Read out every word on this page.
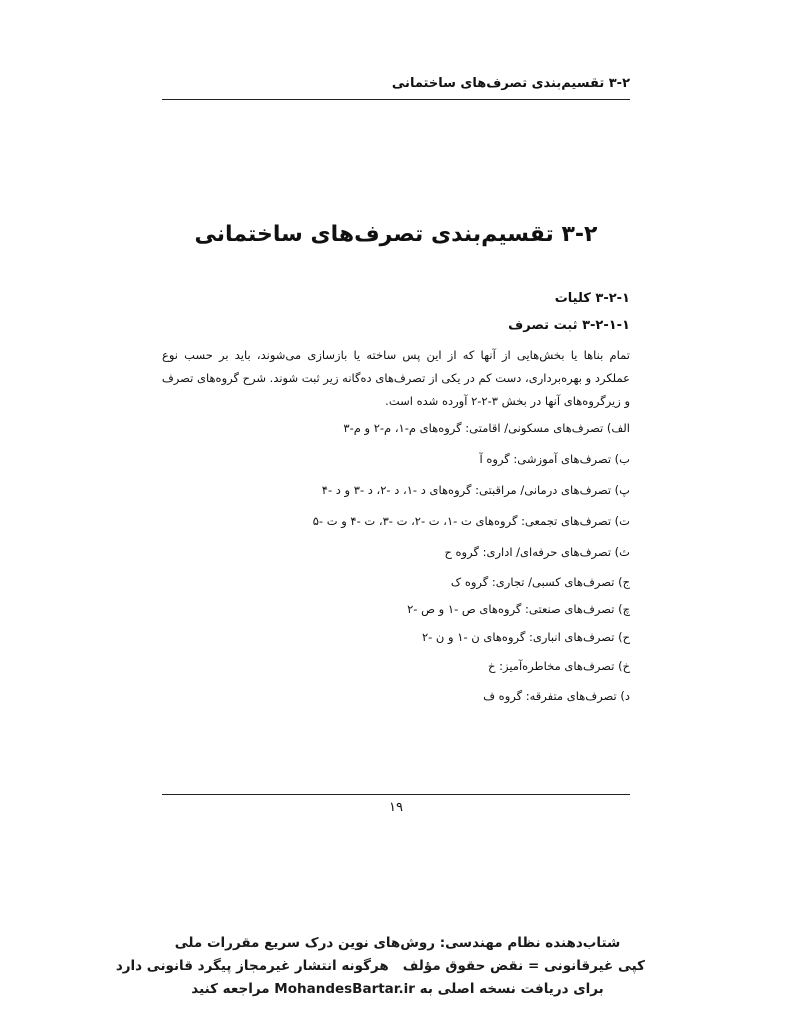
۳-۲ تقسیم‌بندی تصرف‌های ساختمانی
۳-۲ تقسیم‌بندی تصرف‌های ساختمانی
۳-۲-۱ کلیات
۳-۲-۱-۱ ثبت تصرف
تمام بناها یا بخش‌هایی از آنها که از این پس ساخته یا بازسازی می‌شوند، باید بر حسب نوع
عملکرد و بهره‌برداری، دست کم در یکی از تصرف‌های ده‌گانه زیر ثبت شوند. شرح گروه‌های تصرف
و زیرگروه‌های آنها در بخش ۳-۲-۲ آورده شده است.
الف) تصرف‌های مسکونی/ اقامتی: گروه‌های م-۱، م-۲ و م-۳
ب) تصرف‌های آموزشی: گروه آ
پ) تصرف‌های درمانی/ مراقبتی: گروه‌های د -۱، د -۲، د -۳ و د -۴
ت) تصرف‌های تجمعی: گروه‌های ت -۱، ت -۲، ت -۳، ت -۴ و ت -۵
ث) تصرف‌های حرفه‌ای/ اداری: گروه ح
ج) تصرف‌های کسبی/ تجاری: گروه ک
چ) تصرف‌های صنعتی: گروه‌های ص -۱ و ص -۲
ح) تصرف‌های انباری: گروه‌های ن -۱ و ن -۲
خ) تصرف‌های مخاطره‌آمیز: خ
د) تصرف‌های متفرقه: گروه ف
۱۹
شتاب‌دهنده نظام مهندسی: روش‌های نوین درک سریع مقررات ملی
کپی غیرقانونی = نقض حقوق مؤلفهرگونه انتشار غیرمجاز پیگرد قانونی دارد
برای دریافت نسخه اصلی به MohandesBartar.ir مراجعه کنید
